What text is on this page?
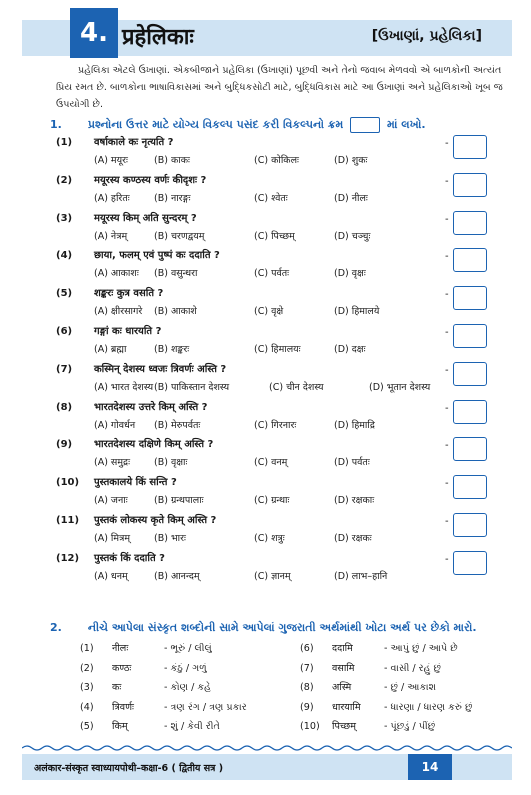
4. प्रहेलिकाः	[ઉખાણાં, પ્રહેલિકા]
પ્રહેલિકા એટલે ઉખાણાં. એકબીજાને પ્રહેલિકા (ઉખાણાં) પૂછવી અને તેનો જવાબ મેળવવો એ બાળકોની અત્યંત પ્રિય રમત છે. બાળકોના ભાષાવિકાસમાં અને બુદ્ધિકસોટી માટે, બુદ્ધિવિકાસ માટે આ ઉખાણાં અને પ્રહેલિકાઓ ખૂબ જ ઉપયોગી છે.
1. પ્રશ્નોના ઉત્તર માટે યોગ્ય વિકલ્પ પસંદ કરી વિકલ્પનો ક્રમ	માં લખો.
(1) वर्षाकाले कः नृत्यति ?
(A) मयूरः	(B) काकः	(C) कोकिलः	(D) शुकः
-
(2) मयूरस्य कण्ठस्य वर्णः कीदृशः ?
(A) हरितः	(B) नारङ्गः	(C) श्वेतः	(D) नीलः
-
(3) मयूरस्य किम् अति सुन्दरम् ?
(A) नेत्रम्	(B) चरणद्वयम्	(C) पिच्छम्	(D) चञ्चुः
-
(4) छाया, फलम् एवं पुष्पं कः ददाति ?
(A) आकाशः (B) वसुन्धरा	(C) पर्वतः	(D) वृक्षः
-
(5) शङ्करः कुत्र वसति ?
(A) क्षीरसागरे (B) आकाशे	(C) वृक्षे	(D) हिमालये
-
(6) गङ्गां कः धारयति ?
(A) ब्रह्मा	(B) शङ्करः	(C) हिमालयः	(D) दक्षः
-
(7) कस्मिन् देशस्य ध्वजः त्रिवर्णः अस्ति ?
(A) भारत देशस्य (B) पाकिस्तान देशस्य	(C) चीन देशस्य	(D) भूतान देशस्य
-
(8) भारतदेशस्य उत्तरे किम् अस्ति ?
(A) गोवर्धन (B) मेरुपर्वतः	(C) गिरनारः	(D) हिमाद्रि
-
(9) भारतदेशस्य दक्षिणे किम् अस्ति ?
(A) समुद्रः	(B) वृक्षाः	(C) वनम्	(D) पर्वतः
-
(10) पुस्तकालये किं सन्ति ?
(A) जनाः	(B) ग्रन्थपालाः	(C) ग्रन्थाः	(D) रक्षकाः
-
(11) पुस्तकं लोकस्य कृते किम् अस्ति ?
(A) मित्रम्	(B) भारः	(C) शत्रुः	(D) रक्षकः
-
(12) पुस्तकं किं ददाति ?
(A) धनम्	(B) आनन्दम्	(C) ज्ञानम्	(D) लाभ–हानि
-
2. નીચે આપેલા સંસ્કૃત શબ્દોની સામે આપેલાં ગુજરાતી અર્થમાંથી ખોટા અર્થ પર છેકો મારો.
(1) नीलः	- ભૂરું / લીલું	(6) ददामि	- આપું છું / આપે છે
(2) कण्ठः	- કંઠું / ગળું	(7) वसामि	- વાસી / રહું છું
(3) कः	- કોણ / કહે	(8) अस्मि	- છું / આકાશ
(4) त्रिवर्णः	- ત્રણ રંગ / ત્રણ પ્રકાર	(9) धारयामि - ધારણા / ધારણ કરું છું
(5) किम्	- શું / કેવી રીતે	(10) पिच्छम्	- પૂંછડું / પીંછું
अलंकार-संस्कृत स्वाध्यायपोथी–कक्षा-6 ( द्वितीय सत्र )	14
